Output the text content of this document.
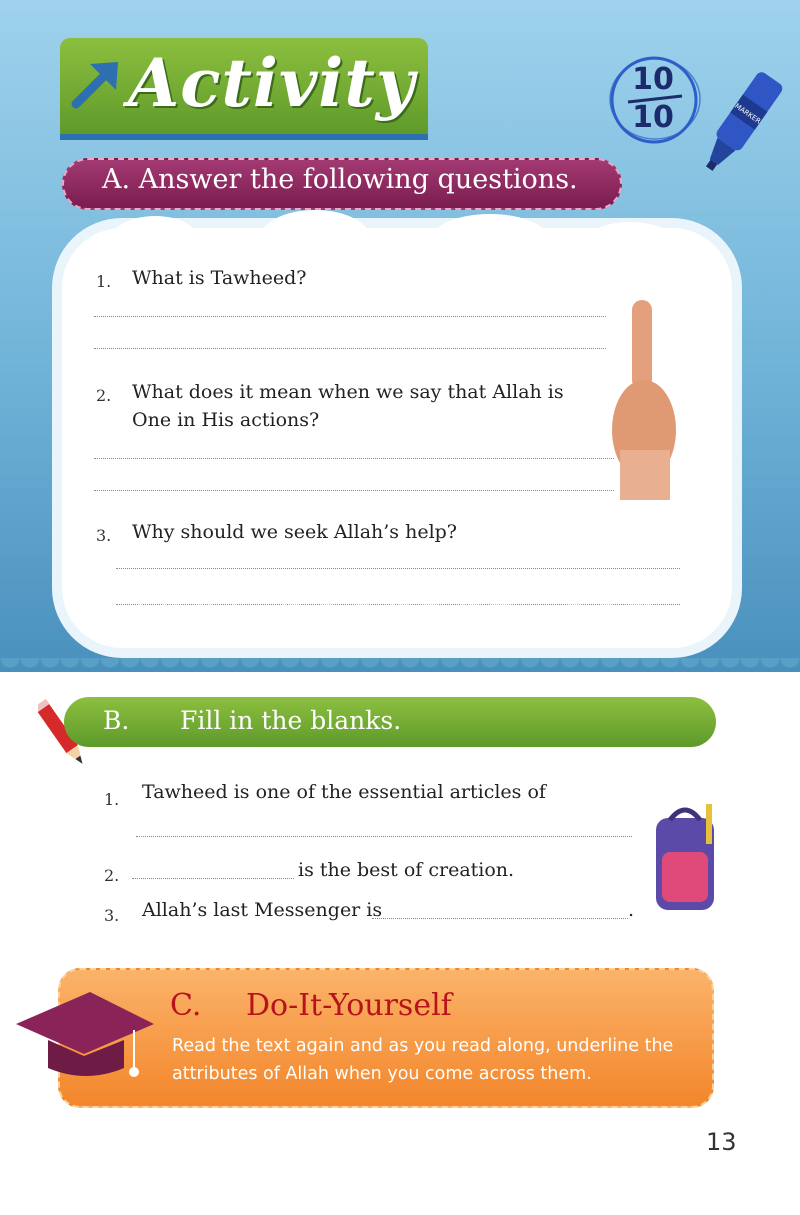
Activity	10
10	MARKER
A. Answer the following questions.
1. What is Tawheed?
2. What does it mean when we say that Allah is One in His actions?
3. Why should we seek Allah’s help?
www.noorart.com
B. Fill in the blanks.
1. Tawheed is one of the essential articles of
2.	is the best of creation.
3. Allah’s last Messenger is	.
C. Do-It-Yourself
Read the text again and as you read along, underline the attributes of Allah when you come across them.
13
